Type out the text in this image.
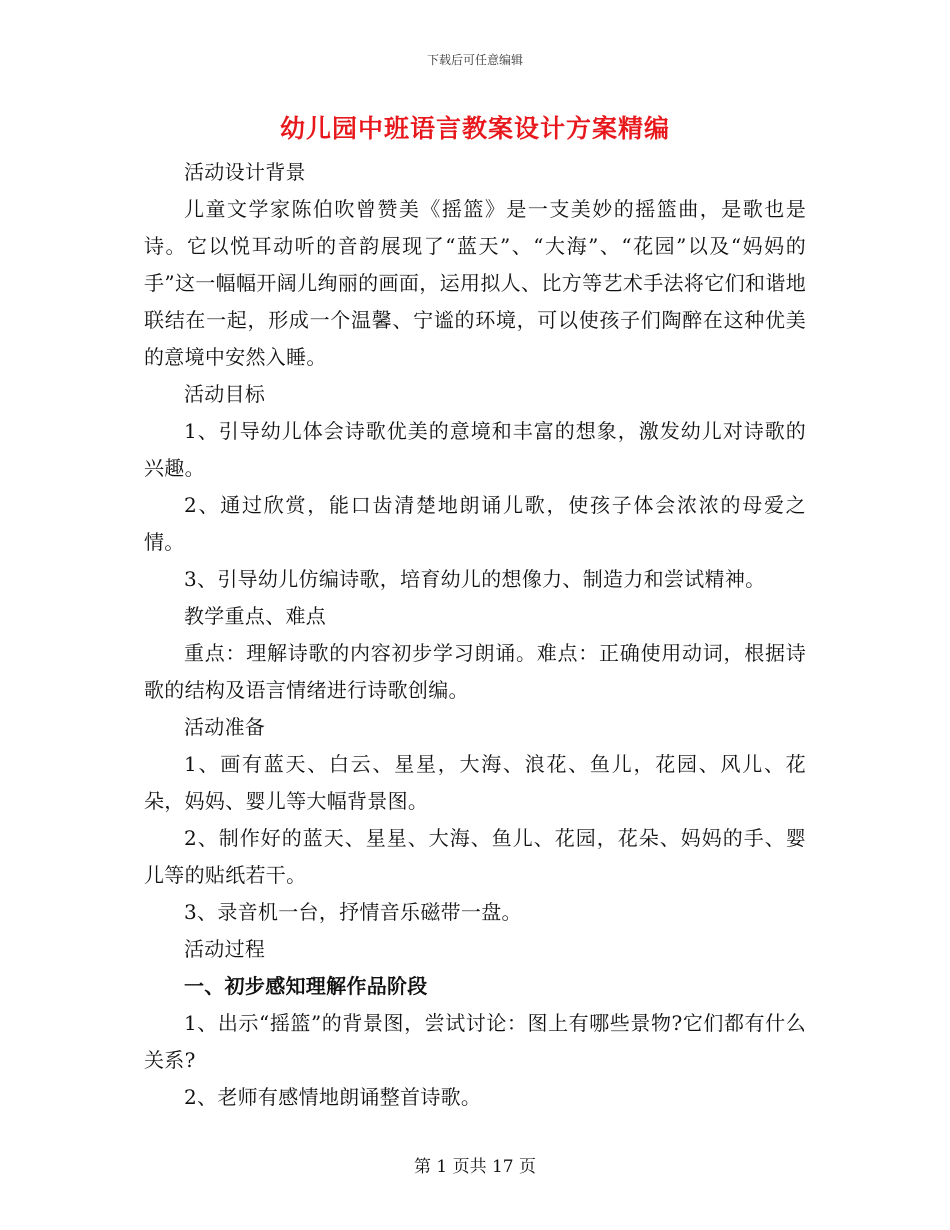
下载后可任意编辑
幼儿园中班语言教案设计方案精编

活动设计背景

儿童文学家陈伯吹曾赞美《摇篮》是一支美妙的摇篮曲，是歌也是诗。它以悦耳动听的音韵展现了“蓝天”、“大海”、“花园”以及“妈妈的手”这一幅幅开阔儿绚丽的画面，运用拟人、比方等艺术手法将它们和谐地联结在一起，形成一个温馨、宁谧的环境，可以使孩子们陶醉在这种优美的意境中安然入睡。

活动目标

1、引导幼儿体会诗歌优美的意境和丰富的想象，激发幼儿对诗歌的兴趣。

2、通过欣赏，能口齿清楚地朗诵儿歌，使孩子体会浓浓的母爱之情。

3、引导幼儿仿编诗歌，培育幼儿的想像力、制造力和尝试精神。

教学重点、难点

重点：理解诗歌的内容初步学习朗诵。难点：正确使用动词，根据诗歌的结构及语言情绪进行诗歌创编。

活动准备

1、画有蓝天、白云、星星，大海、浪花、鱼儿，花园、风儿、花朵，妈妈、婴儿等大幅背景图。

2、制作好的蓝天、星星、大海、鱼儿、花园，花朵、妈妈的手、婴儿等的贴纸若干。

3、录音机一台，抒情音乐磁带一盘。

活动过程

一、初步感知理解作品阶段

1、出示“摇篮”的背景图，尝试讨论：图上有哪些景物?它们都有什么关系?

2、老师有感情地朗诵整首诗歌。

第 1 页共 17 页
